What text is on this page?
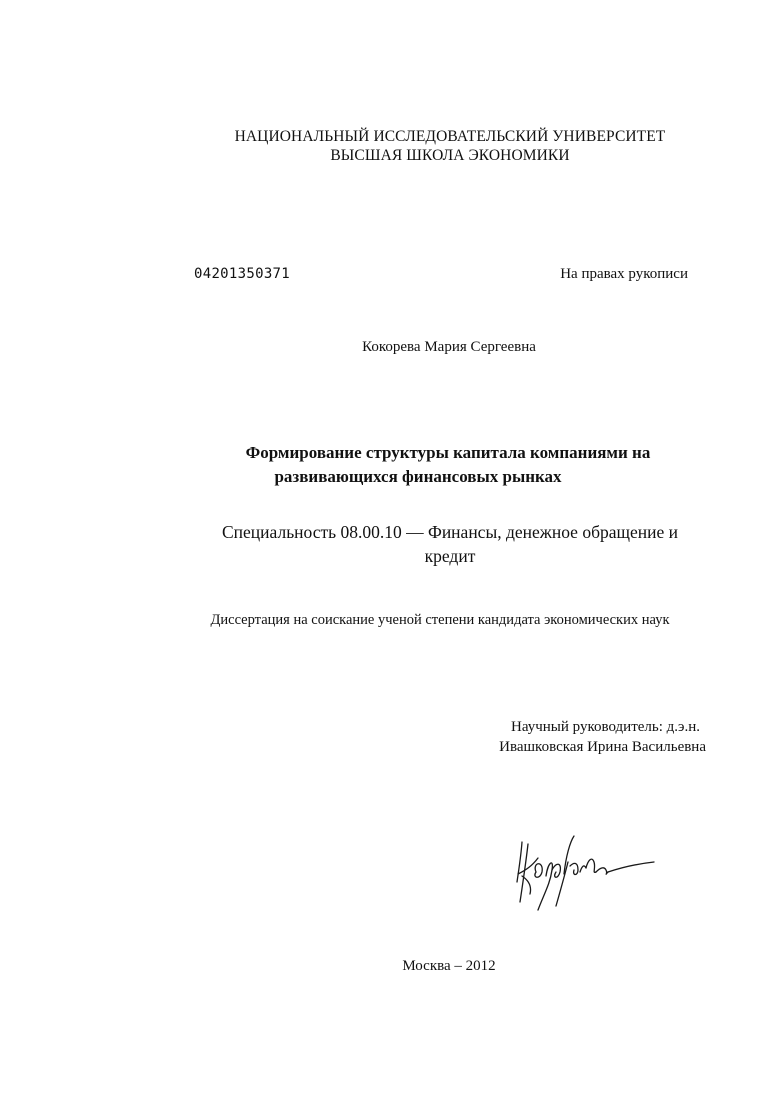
НАЦИОНАЛЬНЫЙ ИССЛЕДОВАТЕЛЬСКИЙ УНИВЕРСИТЕТ
ВЫСШАЯ ШКОЛА ЭКОНОМИКИ
04201350371	На правах рукописи
Кокорева Мария Сергеевна
Формирование структуры капитала компаниями на
развивающихся финансовых рынках
Специальность 08.00.10 — Финансы, денежное обращение и
кредит
Диссертация на соискание ученой степени кандидата экономических наук
Научный руководитель: д.э.н.
Ивашковская Ирина Васильевна
Москва – 2012
